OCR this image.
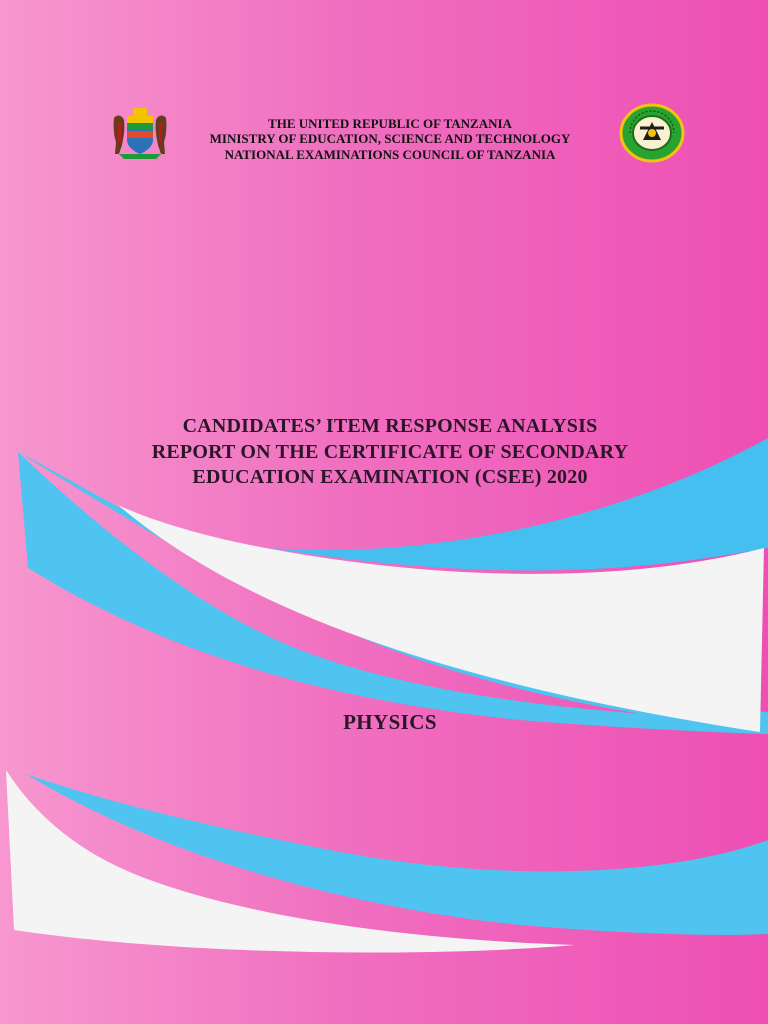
THE UNITED REPUBLIC OF TANZANIA
MINISTRY OF EDUCATION, SCIENCE AND TECHNOLOGY
NATIONAL EXAMINATIONS COUNCIL OF TANZANIA
CANDIDATES’ ITEM RESPONSE ANALYSIS
REPORT ON THE CERTIFICATE OF SECONDARY
EDUCATION EXAMINATION (CSEE) 2020
PHYSICS
